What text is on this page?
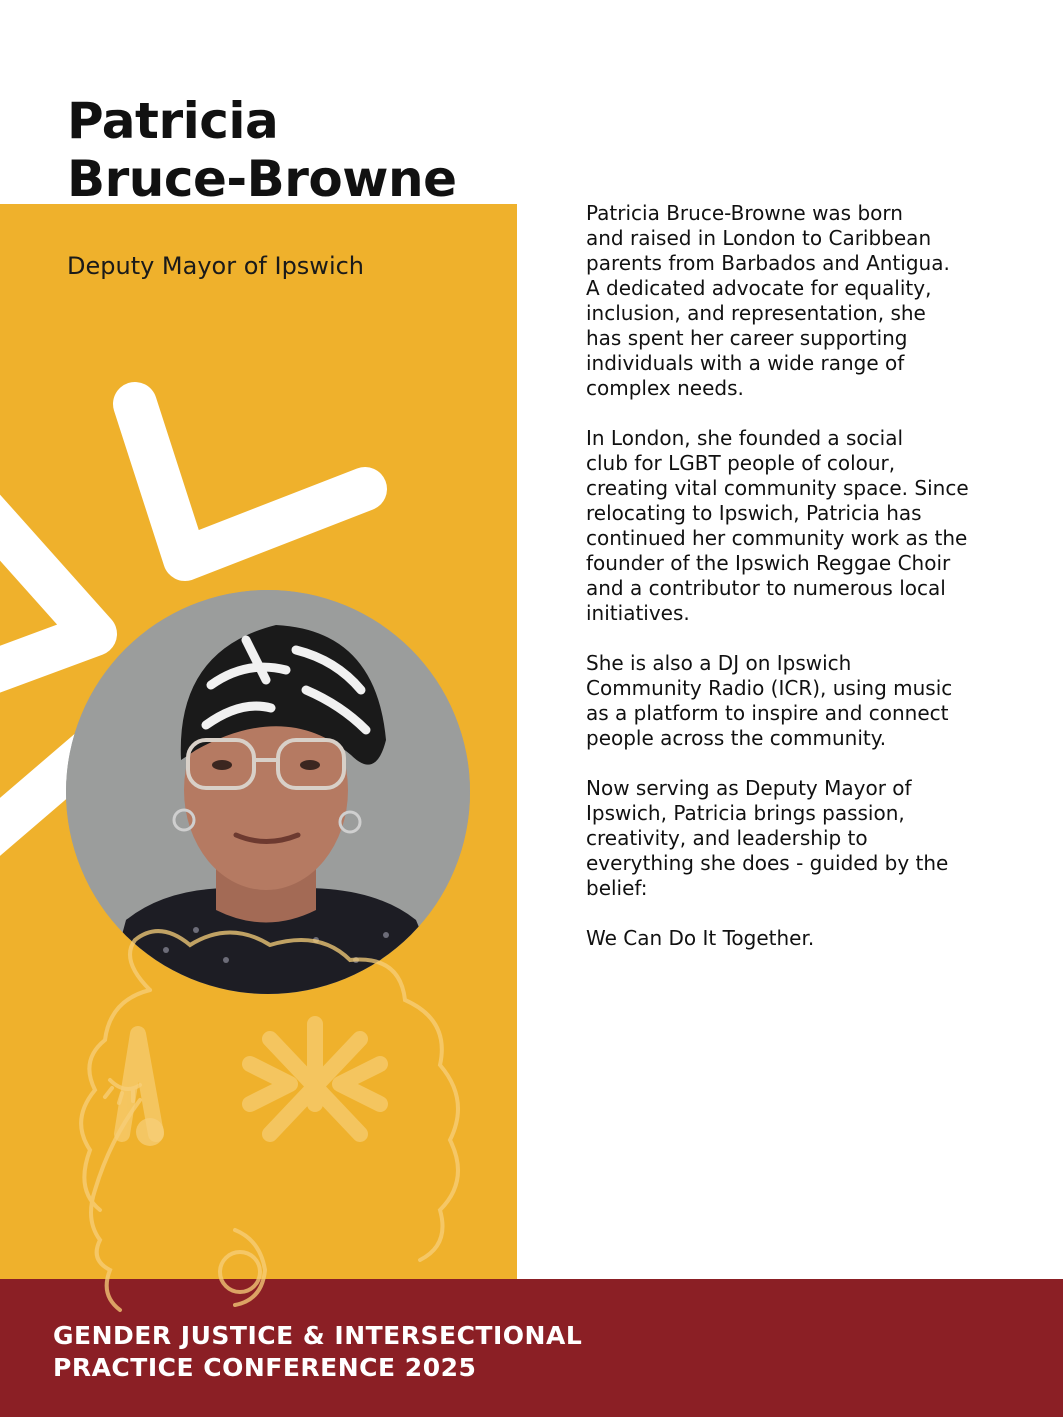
Patricia
Bruce-Browne
Deputy Mayor of Ipswich

Patricia Bruce-Browne was born
and raised in London to Caribbean
parents from Barbados and Antigua.
A dedicated advocate for equality,
inclusion, and representation, she
has spent her career supporting
individuals with a wide range of
complex needs.

In London, she founded a social
club for LGBT people of colour,
creating vital community space. Since
relocating to Ipswich, Patricia has
continued her community work as the
founder of the Ipswich Reggae Choir
and a contributor to numerous local
initiatives.

She is also a DJ on Ipswich
Community Radio (ICR), using music
as a platform to inspire and connect
people across the community.

Now serving as Deputy Mayor of
Ipswich, Patricia brings passion,
creativity, and leadership to
everything she does - guided by the
belief:

We Can Do It Together.

GENDER JUSTICE & INTERSECTIONAL
PRACTICE CONFERENCE 2025
